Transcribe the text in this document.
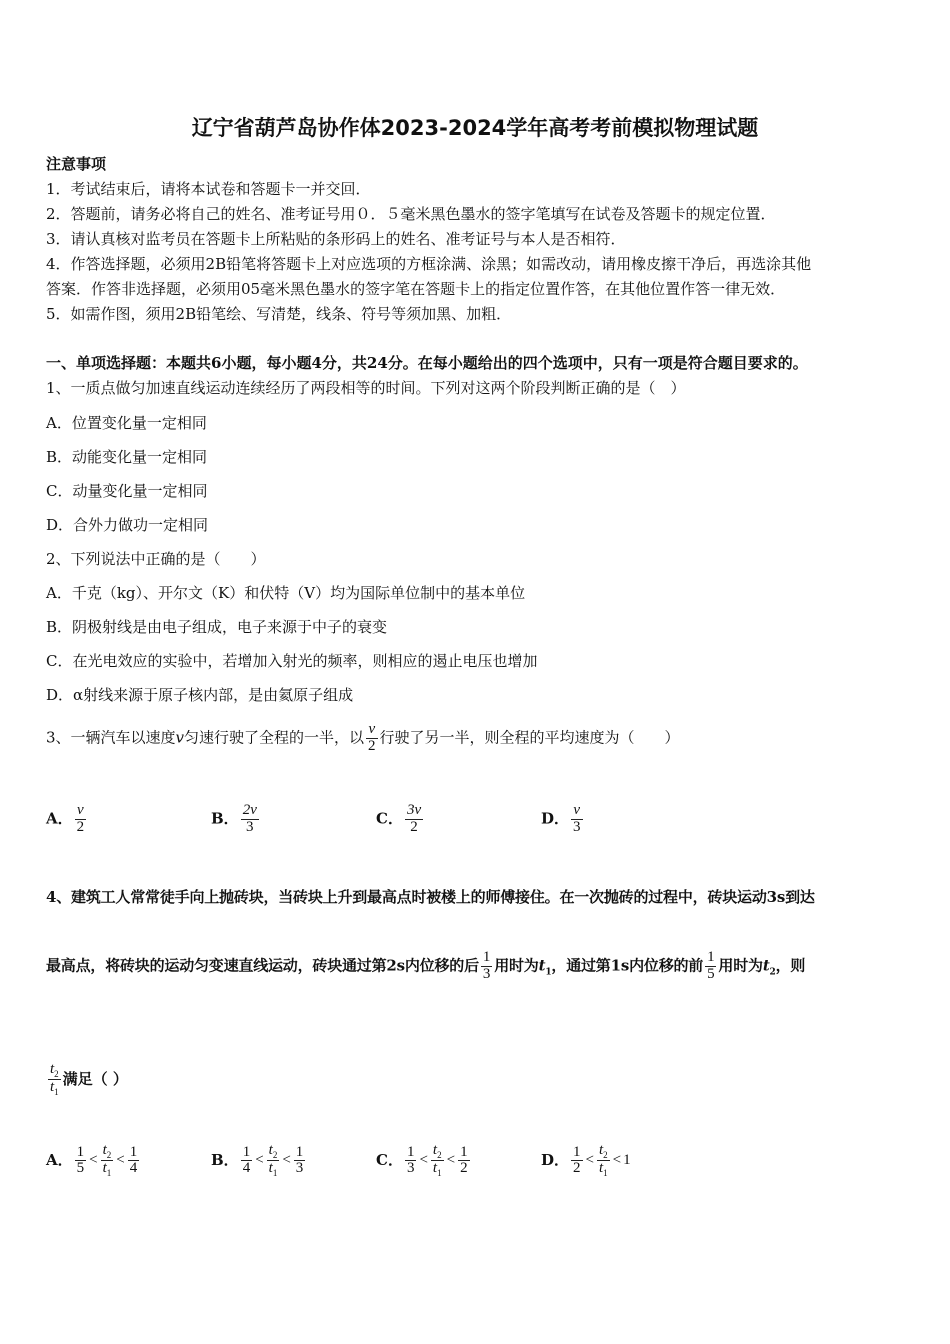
辽宁省葫芦岛协作体2023-2024学年高考考前模拟物理试题
注意事项
1．考试结束后，请将本试卷和答题卡一并交回．
2．答题前，请务必将自己的姓名、准考证号用０．５毫米黑色墨水的签字笔填写在试卷及答题卡的规定位置．
3．请认真核对监考员在答题卡上所粘贴的条形码上的姓名、准考证号与本人是否相符．
4．作答选择题，必须用2B铅笔将答题卡上对应选项的方框涂满、涂黑；如需改动，请用橡皮擦干净后，再选涂其他
答案．作答非选择题，必须用05毫米黑色墨水的签字笔在答题卡上的指定位置作答，在其他位置作答一律无效．
5．如需作图，须用2B铅笔绘、写清楚，线条、符号等须加黑、加粗．
一、单项选择题：本题共6小题，每小题4分，共24分。在每小题给出的四个选项中，只有一项是符合题目要求的。
1、一质点做匀加速直线运动连续经历了两段相等的时间。下列对这两个阶段判断正确的是（　）
A．位置变化量一定相同
B．动能变化量一定相同
C．动量变化量一定相同
D．合外力做功一定相同
2、下列说法中正确的是（　　）
A．千克（kg）、开尔文（K）和伏特（V）均为国际单位制中的基本单位
B．阴极射线是由电子组成，电子来源于中子的衰变
C．在光电效应的实验中，若增加入射光的频率，则相应的遏止电压也增加
D．α射线来源于原子核内部，是由氦原子组成
3、一辆汽车以速度v匀速行驶了全程的一半，以 $\frac{v}{2}$ 行驶了另一半，则全程的平均速度为（　　）
A． $\frac{v}{2}$	B． $\frac{2v}{3}$	C． $\frac{3v}{2}$	D． $\frac{v}{3}$
4、建筑工人常常徒手向上抛砖块，当砖块上升到最高点时被楼上的师傅接住。在一次抛砖的过程中，砖块运动3s到达
最高点，将砖块的运动匀变速直线运动，砖块通过第2s内位移的后 $\frac{1}{3}$ 用时为$t_1$，通过第1s内位移的前 $\frac{1}{5}$ 用时为$t_2$，则
$\frac{t_2}{t_1}$ 满足（ ）
A． $\frac{1}{5} < \frac{t_2}{t_1} < \frac{1}{4}$	B． $\frac{1}{4} < \frac{t_2}{t_1} < \frac{1}{3}$	C． $\frac{1}{3} < \frac{t_2}{t_1} < \frac{1}{2}$	D． $\frac{1}{2} < \frac{t_2}{t_1} < 1$
